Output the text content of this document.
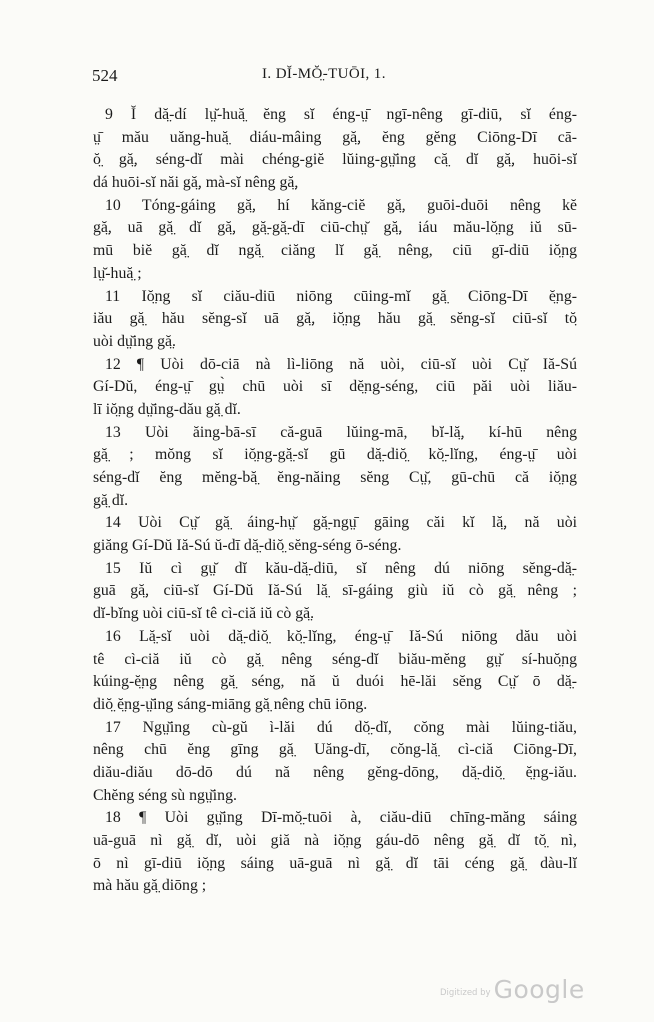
524	I. DĬ-MŎ̤-TUŌI, 1.
9 Ĭ dă̤-dí lṳ̆-huă̤ ĕng sĭ éng-ṳ̄ ngī-nêng gī-diū, sĭ éng-
ṳ̄ mău uăng-huă̤ diáu-mâing gă̤, ĕng gĕng Ciōng-Dī cā-
ŏ̤ gă̤, séng-dĭ mài chéng-giĕ lŭing-gṳ̆ing că̤ dĭ gă̤, huōi-sĭ
dá huōi-sĭ năi gă̤, mà-sĭ nêng gă̤,
10 Tóng-gáing gă̤, hí kăng-ciĕ gă̤, guōi-duōi nêng kĕ
gă̤, uā gă̤ dĭ gă̤, gă̤-gă̤-dī ciū-chṳ̆ gă̤, iáu mău-lŏ̤ng iŭ sū-
mū biĕ gă̤ dĭ ngă̤ ciăng lĭ gă̤ nêng, ciū gī-diū iŏ̤ng
lṳ̆-huă̤ ;
11 Iŏ̤ng sĭ ciău-diū niōng cūing-mĭ gă̤ Ciōng-Dī ĕ̤ng-
iău gă̤ hău sĕng-sĭ uā gă̤, iŏ̤ng hău gă̤ sĕng-sĭ ciū-sĭ tŏ̤
uòi dṳ̆ing gă̤.
12 ¶ Uòi dō-ciā nà lì-liōng nă uòi, ciū-sĭ uòi Cṳ̆ Iă-Sú
Gí-Dŭ, éng-ṳ̄ gṳ̀ chū uòi sī dĕ̤ng-séng, ciū păi uòi liău-
lī iŏ̤ng dṳ̆ing-dău gă̤ dĭ.
13 Uòi ăing-bā-sī că-guā lŭing-mā, bĭ-lă̤, kí-hū nêng
gă̤ ; mŏng sĭ iŏ̤ng-gă̤-sĭ gū dă̤-diŏ̤ kŏ̤-lĭng, éng-ṳ̄ uòi
séng-dĭ ĕng mĕng-bă̤ ĕng-năing sĕng Cṳ̆, gū-chū că iŏ̤ng
gă̤ dĭ.
14 Uòi Cṳ̆ gă̤ áing-hṳ̆ gă̤-ngṳ̄ gāing căi kĭ lă̤, nă uòi
giăng Gí-Dŭ Iă-Sú ŭ-dī dă̤-diŏ̤ sĕng-séng ō-séng.
15 Iŭ cì gṳ̆ dĭ kău-dă̤-diū, sĭ nêng dú niōng sĕng-dă̤-
guā gă̤, ciū-sĭ Gí-Dŭ Iă-Sú lă̤ sī-gáing giù iŭ cò gă̤ nêng ;
dĭ-bĭng uòi ciū-sĭ tê cì-ciă iŭ cò gă̤.
16 Lă̤-sĭ uòi dă̤-diŏ̤ kŏ̤-lĭng, éng-ṳ̄ Iă-Sú niōng dău uòi
tê cì-ciă iŭ cò gă̤ nêng séng-dĭ biău-mĕng gṳ̆ sí-huŏ̤ng
kúing-ĕ̤ng nêng gă̤ séng, nă ŭ duói hē-lăi sĕng Cṳ̆ ō dă̤-
diŏ̤ ĕ̤ng-ṳ̆ing sáng-miāng gă̤ nêng chū iōng.
17 Ngṳ̆ing cù-gŭ ì-lăi dú dŏ̤-dĭ, cŏng mài lŭing-tiău,
nêng chū ĕng gīng gă̤ Uăng-dī, cŏng-lă̤ cì-ciă Ciōng-Dī,
diău-diău dō-dō dú nă nêng gĕng-dōng, dă̤-diŏ̤ ĕ̤ng-iău.
Chĕng séng sù ngṳ̆ing.
18 ¶ Uòi gṳ̆ing Dī-mŏ̤-tuōi à, ciău-diū chīng-măng sáing
uā-guā nì gă̤ dĭ, uòi giă nà iŏ̤ng gáu-dō nêng gă̤ dĭ tŏ̤ nì,
ō nì gī-diū iŏ̤ng sáing uā-guā nì gă̤ dĭ tāi céng gă̤ dàu-lĭ
mà hău gă̤ diōng ;
Digitized by Google
